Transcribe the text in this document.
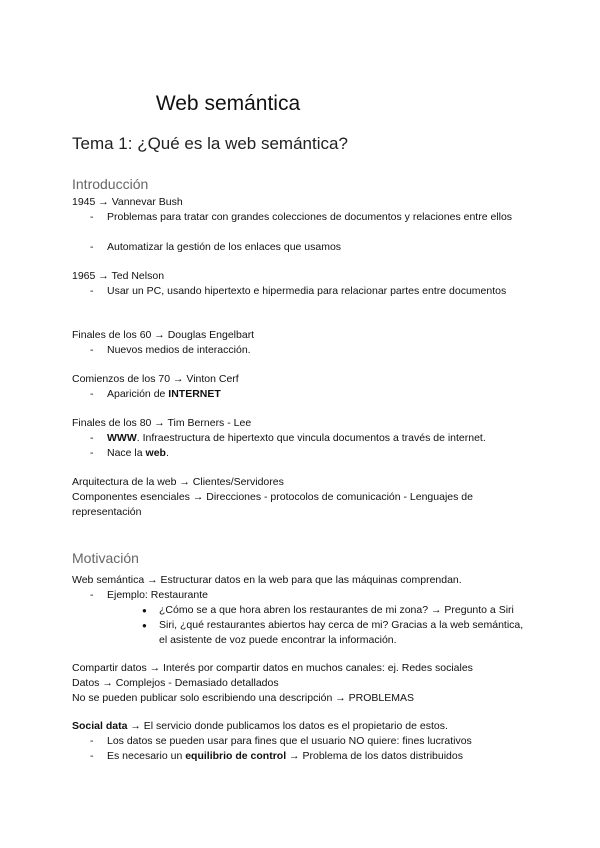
Web semántica
Tema 1: ¿Qué es la web semántica?
Introducción
1945 → Vannevar Bush
- Problemas para tratar con grandes colecciones de documentos y relaciones entre ellos
- Automatizar la gestión de los enlaces que usamos
1965 → Ted Nelson
- Usar un PC, usando hipertexto e hipermedia para relacionar partes entre documentos
Finales de los 60 → Douglas Engelbart
- Nuevos medios de interacción.
Comienzos de los 70 → Vinton Cerf
- Aparición de INTERNET
Finales de los 80 → Tim Berners - Lee
- WWW. Infraestructura de hipertexto que vincula documentos a través de internet.
- Nace la web.
Arquitectura de la web → Clientes/Servidores
Componentes esenciales → Direcciones - protocolos de comunicación - Lenguajes de representación
Motivación
Web semántica → Estructurar datos en la web para que las máquinas comprendan.
- Ejemplo: Restaurante
● ¿Cómo se a que hora abren los restaurantes de mi zona? → Pregunto a Siri
● Siri, ¿qué restaurantes abiertos hay cerca de mi? Gracias a la web semántica, el asistente de voz puede encontrar la información.
Compartir datos → Interés por compartir datos en muchos canales: ej. Redes sociales
Datos → Complejos - Demasiado detallados
No se pueden publicar solo escribiendo una descripción → PROBLEMAS
Social data → El servicio donde publicamos los datos es el propietario de estos.
- Los datos se pueden usar para fines que el usuario NO quiere: fines lucrativos
- Es necesario un equilibrio de control → Problema de los datos distribuidos
